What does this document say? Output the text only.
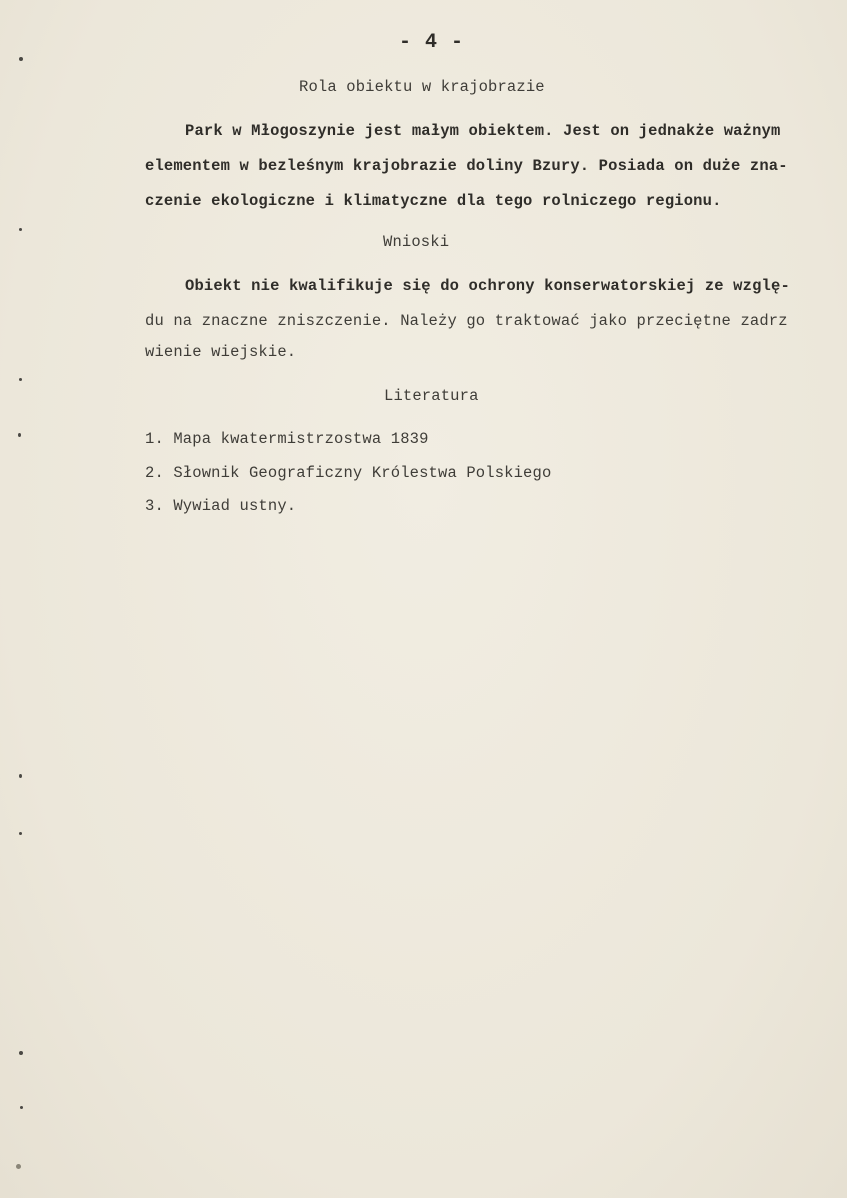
- 4 -
Rola obiektu w krajobrazie
Park w Mɫogoszynie jest maɫym obiektem. Jest on jednakże ważnym
elementem w bezleśnym krajobrazie doliny Bzury. Posiada on duże zna-
czenie ekologiczne i klimatyczne dla tego rolniczego regionu.
Wnioski
Obiekt nie kwalifikuje się do ochrony konserwatorskiej ze wzglę-
du na znaczne zniszczenie. Należy go traktować jako przeciętne zadrz
wienie wiejskie.
Literatura
1. Mapa kwatermistrzostwa 1839
2. Słownik Geograficzny Królestwa Polskiego
3. Wywiad ustny.
